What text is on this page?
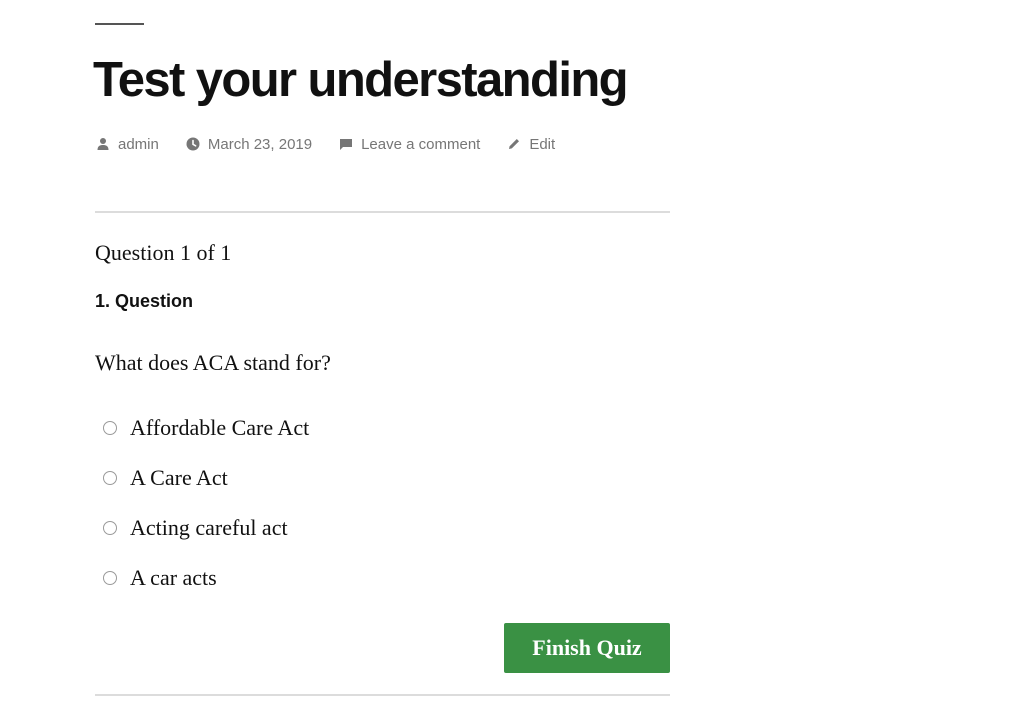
Test your understanding
admin	March 23, 2019	Leave a comment	Edit
Question 1 of 1
1. Question
What does ACA stand for?
Affordable Care Act
A Care Act
Acting careful act
A car acts
Finish Quiz
